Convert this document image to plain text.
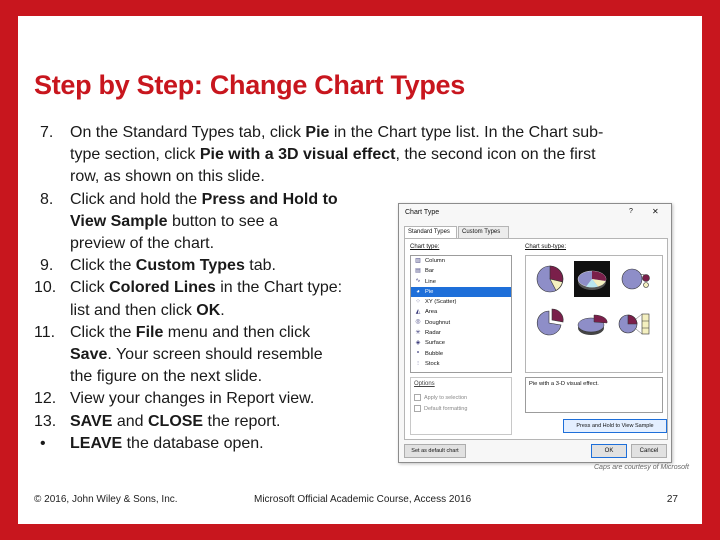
Step by Step: Change Chart Types
7. On the Standard Types tab, click Pie in the Chart type list. In the Chart sub-
type section, click Pie with a 3D visual effect, the second icon on the first
row, as shown on this slide.
8. Click and hold the Press and Hold to
View Sample button to see a
preview of the chart.
9. Click the Custom Types tab.
10. Click Colored Lines in the Chart type:
list and then click OK.
11. Click the File menu and then click
Save. Your screen should resemble
the figure on the next slide.
12. View your changes in Report view.
13. SAVE and CLOSE the report.
• LEAVE the database open.
Chart Type	? ✕
Standard Types	Custom Types
Chart type:
▥ Column
▤ Bar
∿ Line
◕ Pie
⁘ XY (Scatter)
◭ Area
◎ Doughnut
✳ Radar
◈ Surface
⚬ Bubble
⫶	Stock
Chart sub-type:
Options
Apply to selection
Default formatting
Pie with a 3-D visual effect.
Press and Hold to View Sample
Set as default chart	OK	Cancel
Caps are courtesy of Microsoft
© 2016, John Wiley & Sons, Inc.	Microsoft Official Academic Course, Access 2016	27
